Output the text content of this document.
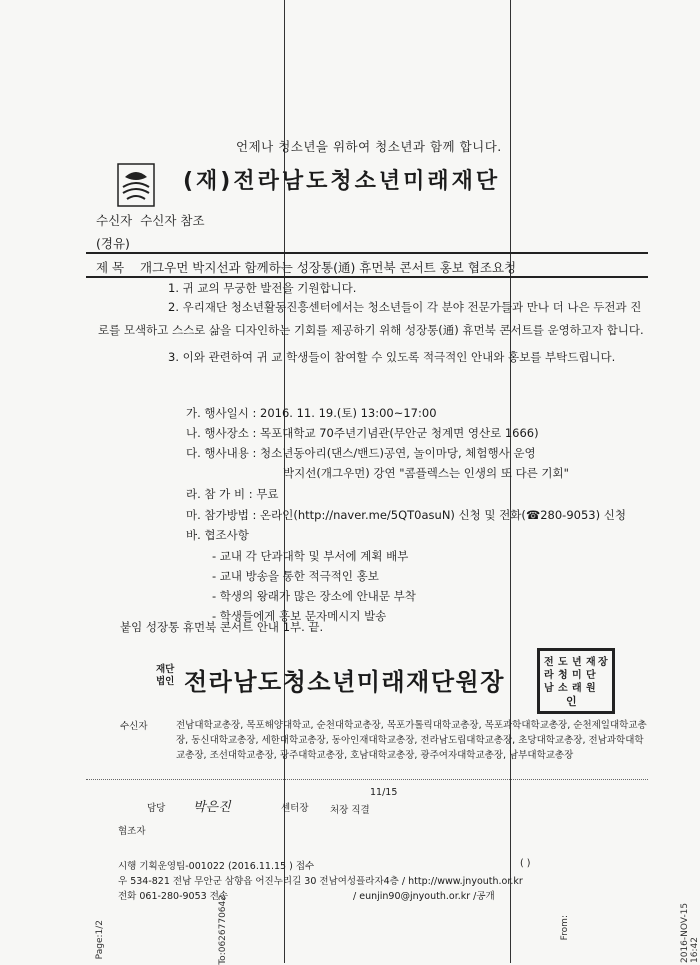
언제나 청소년을 위하여 청소년과 함께 합니다.
(재)전라남도청소년미래재단
수신자 수신자 참조
(경유)
제 목 개그우먼 박지선과 함께하는 성장통(通) 휴먼북 콘서트 홍보 협조요청
1. 귀 교의 무궁한 발전을 기원합니다.
2. 우리재단 청소년활동진흥센터에서는 청소년들이 각 분야 전문가들과 만나 더 나은 두전과 진로를 모색하고 스스로 삶을 디자인하는 기회를 제공하기 위해 성장통(通) 휴먼북 콘서트를 운영하고자 합니다.
3. 이와 관련하여 귀 교 학생들이 참여할 수 있도록 적극적인 안내와 홍보를 부탁드립니다.
가. 행사일시 : 2016. 11. 19.(토) 13:00~17:00
나. 행사장소 : 목포대학교 70주년기념관(무안군 청계면 영산로 1666)
다. 행사내용 : 청소년동아리(댄스/밴드)공연, 놀이마당, 체험행사 운영
박지선(개그우먼) 강연 "콤플렉스는 인생의 또 다른 기회"
라. 참 가 비 : 무료
마. 참가방법 : 온라인(http://naver.me/5QT0asuN) 신청 및 전화(☎280-9053) 신청
바. 협조사항
- 교내 각 단과대학 및 부서에 계획 배부
- 교내 방송을 통한 적극적인 홍보
- 학생의 왕래가 많은 장소에 안내문 부착
- 학생들에게 홍보 문자메시지 발송
붙임 성장통 휴먼북 콘서트 안내 1부. 끝.
재단
법인 전라남도청소년미래재단원장
전
라
남
도
청
소
년
미
래
재
단
원
장
인
수신자	전남대학교총장, 목포해양대학교, 순천대학교총장, 목포가톨릭대학교총장, 목포과학대학교총장, 순천제일대학교총장, 동신대학교총장, 세한대학교총장, 동아인재대학교총장, 전라남도립대학교총장, 초당대학교총장, 전남과학대학교총장, 조선대학교총장, 광주대학교총장, 호남대학교총장, 광주여자대학교총장, 남부대학교총장
11/15
담당 박은진	센터장 처장 직결
협조자
시행 기획운영팀-001022 (2016.11.15 ) 접수	( )
우 534-821 전남 무안군 삼향읍 어진누리길 30 전남여성플라자4층 / http://www.jnyouth.or.kr
전화 061-280-9053 전송	/ eunjin90@jnyouth.or.kr /공개
2016-NOV-15 16:42
From:
To:0626770642
Page:1/2
